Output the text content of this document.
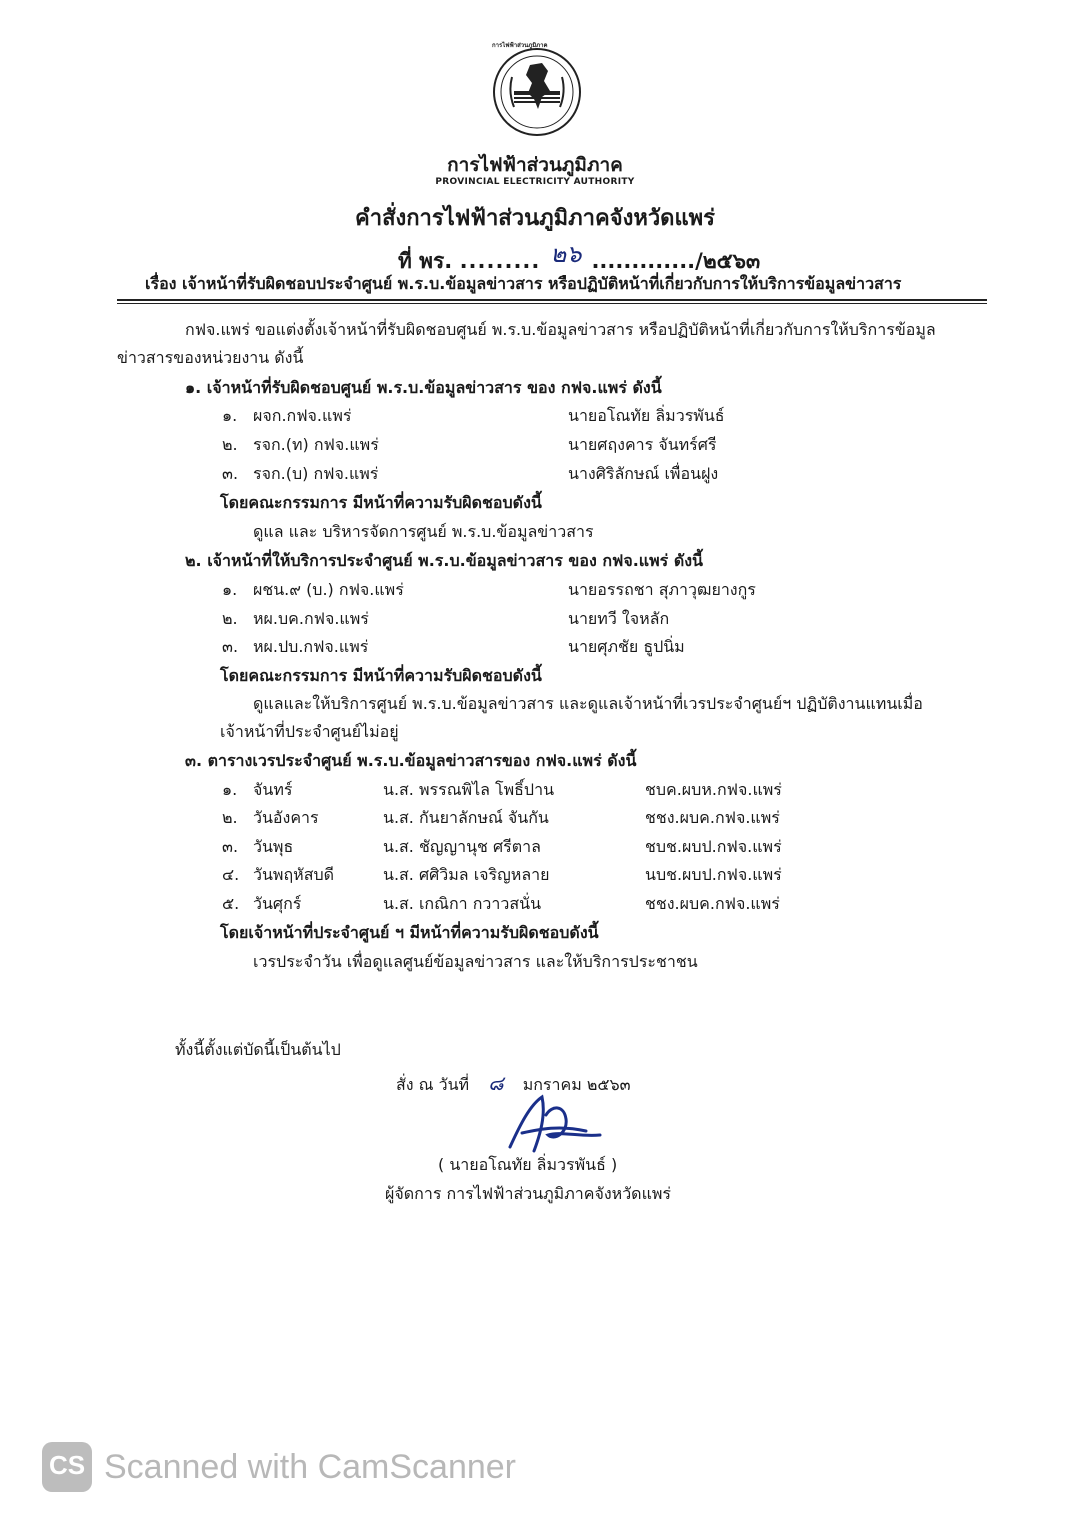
การไฟฟ้าส่วนภูมิภาค
การไฟฟ้าส่วนภูมิภาค
PROVINCIAL ELECTRICITY AUTHORITY
คำสั่งการไฟฟ้าส่วนภูมิภาคจังหวัดแพร่
ที่ พร. ......... ๒๖ ............./๒๕๖๓
เรื่อง เจ้าหน้าที่รับผิดชอบประจำศูนย์ พ.ร.บ.ข้อมูลข่าวสาร หรือปฏิบัติหน้าที่เกี่ยวกับการให้บริการข้อมูลข่าวสาร
กฟจ.แพร่ ขอแต่งตั้งเจ้าหน้าที่รับผิดชอบศูนย์ พ.ร.บ.ข้อมูลข่าวสาร หรือปฏิบัติหน้าที่เกี่ยวกับการให้บริการข้อมูล
ข่าวสารของหน่วยงาน ดังนี้
๑. เจ้าหน้าที่รับผิดชอบศูนย์ พ.ร.บ.ข้อมูลข่าวสาร ของ กฟจ.แพร่ ดังนี้
๑. ผจก.กฟจ.แพร่	นายอโณทัย ลิ่มวรพันธ์
๒. รจก.(ท) กฟจ.แพร่	นายศฤงคาร จันทร์ศรี
๓. รจก.(บ) กฟจ.แพร่	นางศิริลักษณ์ เพื่อนฝูง
โดยคณะกรรมการ มีหน้าที่ความรับผิดชอบดังนี้
ดูแล และ บริหารจัดการศูนย์ พ.ร.บ.ข้อมูลข่าวสาร
๒. เจ้าหน้าที่ให้บริการประจำศูนย์ พ.ร.บ.ข้อมูลข่าวสาร ของ กฟจ.แพร่ ดังนี้
๑. ผชน.๙ (บ.) กฟจ.แพร่	นายอรรถชา สุภาวุฒยางกูร
๒. หผ.บค.กฟจ.แพร่	นายทวี ใจหลัก
๓. หผ.ปบ.กฟจ.แพร่	นายศุภชัย ธูปนิ่ม
โดยคณะกรรมการ มีหน้าที่ความรับผิดชอบดังนี้
ดูแลและให้บริการศูนย์ พ.ร.บ.ข้อมูลข่าวสาร และดูแลเจ้าหน้าที่เวรประจำศูนย์ฯ ปฏิบัติงานแทนเมื่อ
เจ้าหน้าที่ประจำศูนย์ไม่อยู่
๓. ตารางเวรประจำศูนย์ พ.ร.บ.ข้อมูลข่าวสารของ กฟจ.แพร่ ดังนี้
๑. จันทร์	น.ส. พรรณพิไล โพธิ์ปาน	ชบค.ผบห.กฟจ.แพร่
๒. วันอังคาร	น.ส. กันยาลักษณ์ จันกัน	ชชง.ผบค.กฟจ.แพร่
๓. วันพุธ	น.ส. ชัญญานุช ศรีตาล	ชบช.ผบป.กฟจ.แพร่
๔. วันพฤหัสบดี	น.ส. ศศิวิมล เจริญหลาย	นบช.ผบป.กฟจ.แพร่
๕. วันศุกร์	น.ส. เกณิกา กวาวสนั่น	ชชง.ผบค.กฟจ.แพร่
โดยเจ้าหน้าที่ประจำศูนย์ ฯ มีหน้าที่ความรับผิดชอบดังนี้
เวรประจำวัน เพื่อดูแลศูนย์ข้อมูลข่าวสาร และให้บริการประชาชน
ทั้งนี้ตั้งแต่บัดนี้เป็นต้นไป
สั่ง ณ วันที่ ๘ มกราคม ๒๕๖๓
( นายอโณทัย ลิ่มวรพันธ์ )
ผู้จัดการ การไฟฟ้าส่วนภูมิภาคจังหวัดแพร่
CS Scanned with CamScanner
